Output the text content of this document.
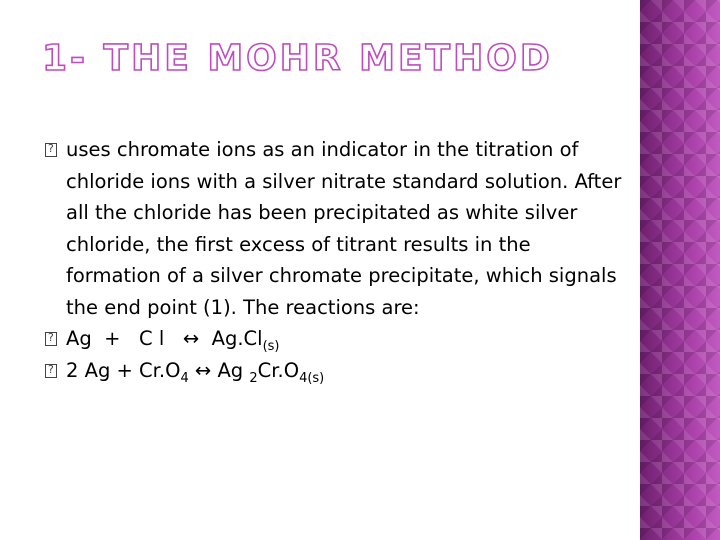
1- THE MOHR METHOD
?
uses chromate ions as an indicator in the titration of chloride ions with a silver nitrate standard solution. After all the chloride has been precipitated as white silver chloride, the first excess of titrant results in the formation of a silver chromate precipitate, which signals the end point (1). The reactions are:
?
Ag  +   C l   ↔  $Ag.Cl_{(s)}$
?
2 $Ag + Cr.O_4$ ↔ Ag $_2Cr.O_{4(s)}$
